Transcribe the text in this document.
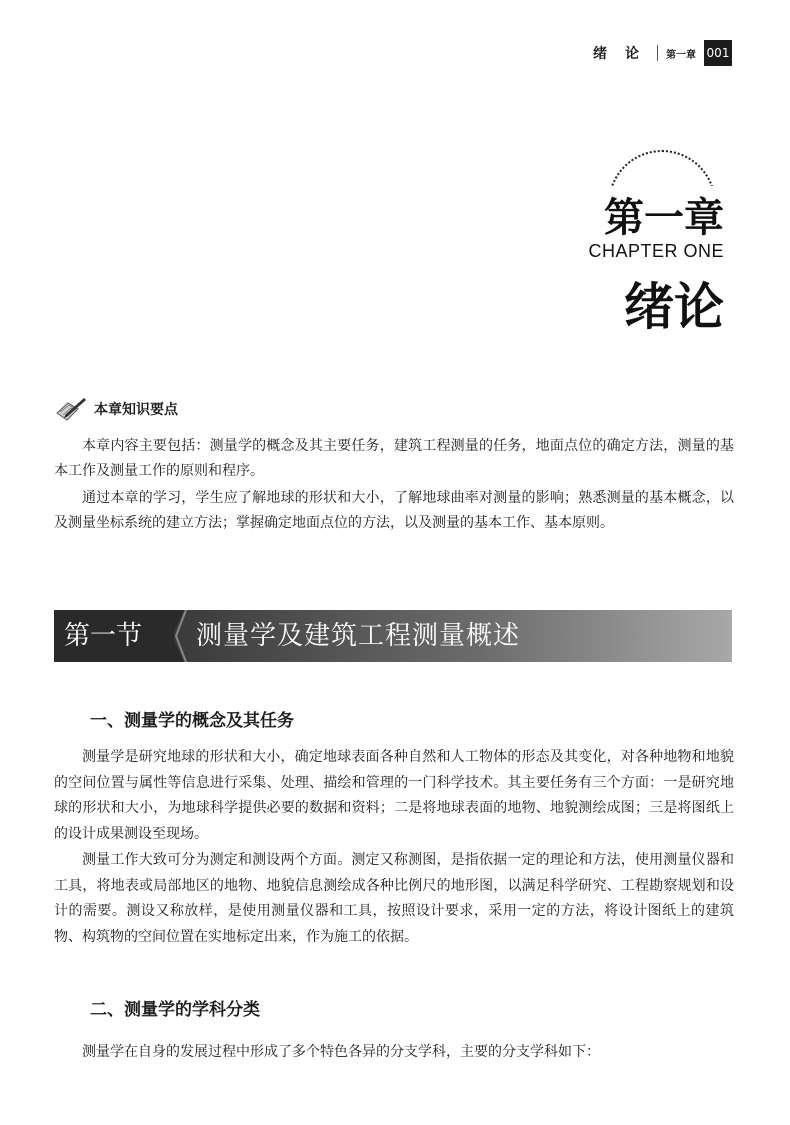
绪论 第一章 001
第一章
CHAPTER ONE
绪论
本章知识要点

本章内容主要包括：测量学的概念及其主要任务，建筑工程测量的任务，地面点位的确定方法，测量的基本工作及测量工作的原则和程序。

通过本章的学习，学生应了解地球的形状和大小，了解地球曲率对测量的影响；熟悉测量的基本概念，以及测量坐标系统的建立方法；掌握确定地面点位的方法，以及测量的基本工作、基本原则。

第一节 测量学及建筑工程测量概述
一、测量学的概念及其任务

测量学是研究地球的形状和大小，确定地球表面各种自然和人工物体的形态及其变化，对各种地物和地貌的空间位置与属性等信息进行采集、处理、描绘和管理的一门科学技术。其主要任务有三个方面：一是研究地球的形状和大小，为地球科学提供必要的数据和资料；二是将地球表面的地物、地貌测绘成图；三是将图纸上的设计成果测设至现场。

测量工作大致可分为测定和测设两个方面。测定又称测图，是指依据一定的理论和方法，使用测量仪器和工具，将地表或局部地区的地物、地貌信息测绘成各种比例尺的地形图，以满足科学研究、工程勘察规划和设计的需要。测设又称放样，是使用测量仪器和工具，按照设计要求，采用一定的方法，将设计图纸上的建筑物、构筑物的空间位置在实地标定出来，作为施工的依据。

二、测量学的学科分类

测量学在自身的发展过程中形成了多个特色各异的分支学科，主要的分支学科如下：
